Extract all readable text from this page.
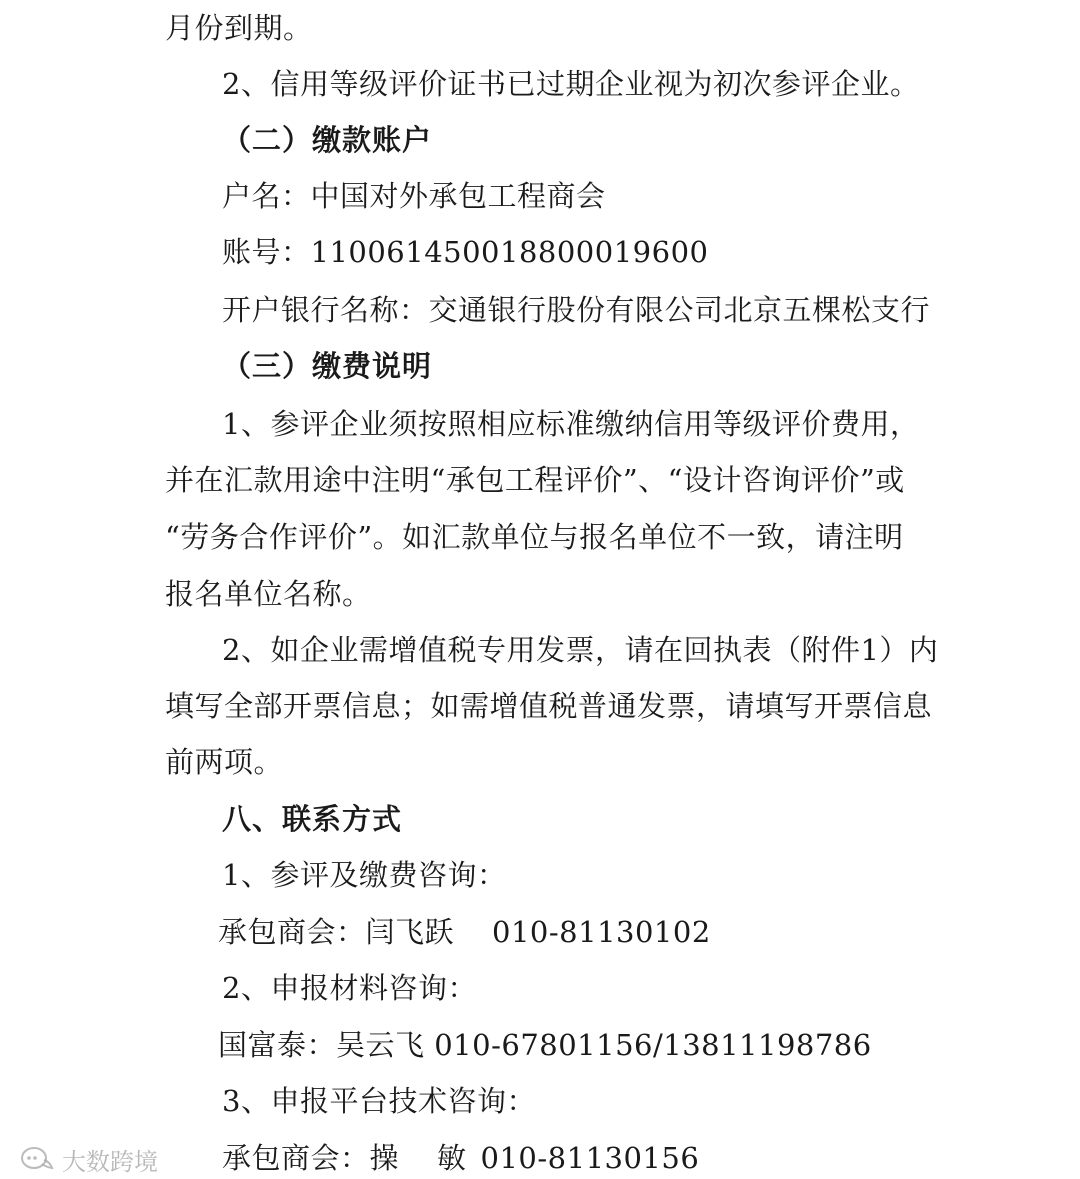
月份到期。
2、信用等级评价证书已过期企业视为初次参评企业。
（二）缴款账户
户名：中国对外承包工程商会
账号：110061450018800019600
开户银行名称：交通银行股份有限公司北京五棵松支行
（三）缴费说明
1、参评企业须按照相应标准缴纳信用等级评价费用，
并在汇款用途中注明“承包工程评价”、“设计咨询评价”或
“劳务合作评价”。如汇款单位与报名单位不一致，请注明
报名单位名称。
2、如企业需增值税专用发票，请在回执表（附件1）内
填写全部开票信息；如需增值税普通发票，请填写开票信息
前两项。
八、联系方式
1、参评及缴费咨询：
承包商会：闫飞跃 010-81130102
2、申报材料咨询：
国富泰：吴云飞 010-67801156/13811198786
3、申报平台技术咨询：
承包商会：操 敏 010-81130156
大数跨境
